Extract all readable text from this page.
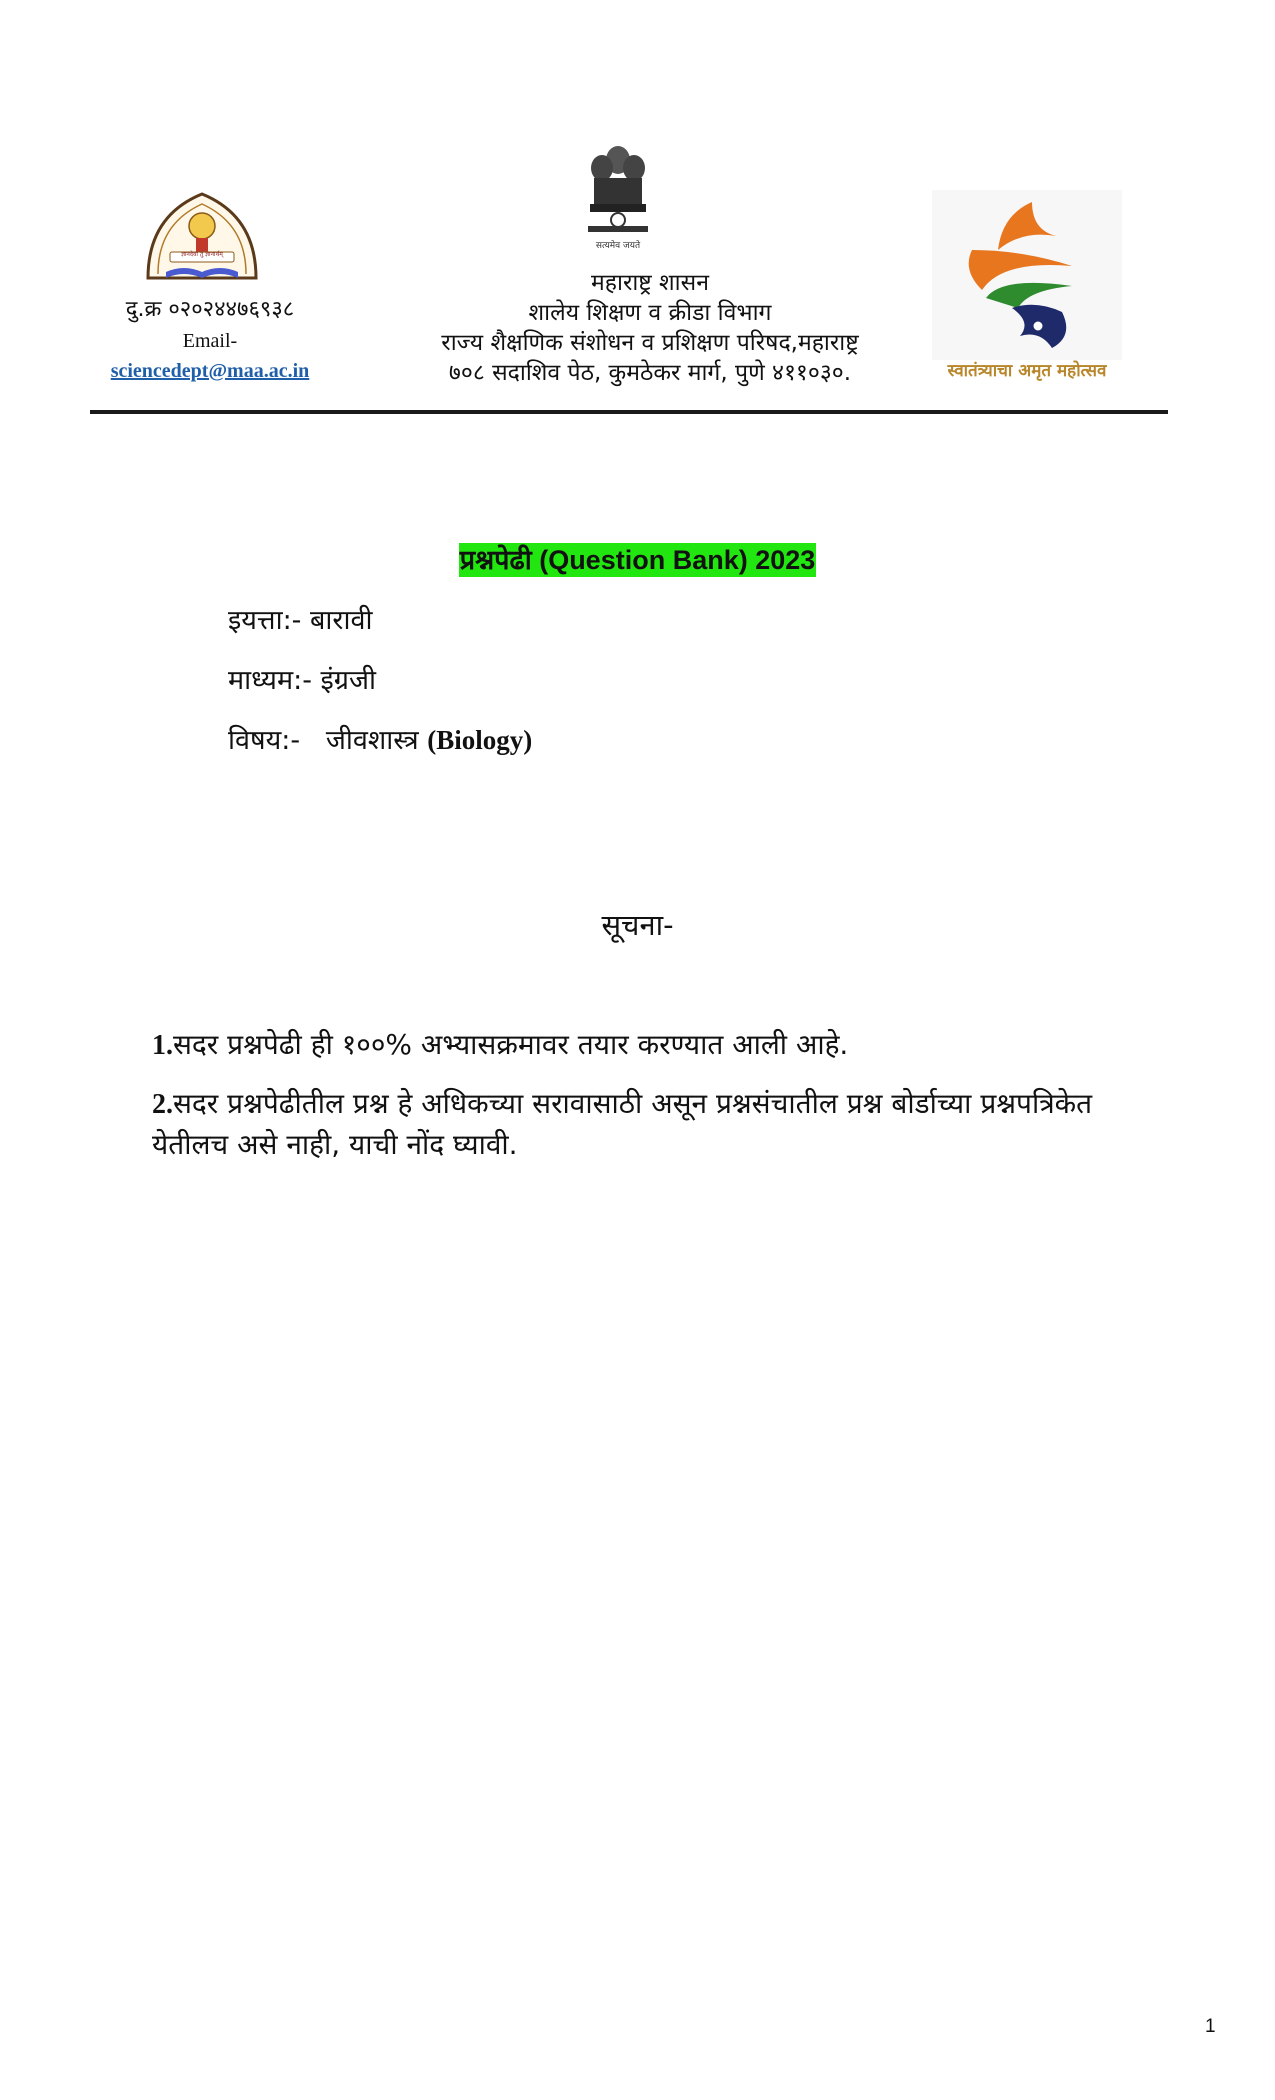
ज्ञानदेवा तु ज्ञानार्थम्
दु.क्र ०२०२४४७६९३८
Email-
sciencedept@maa.ac.in
सत्यमेव जयते
महाराष्ट्र शासन
शालेय शिक्षण व क्रीडा विभाग
राज्य शैक्षणिक संशोधन व प्रशिक्षण परिषद,महाराष्ट्र
७०८ सदाशिव पेठ, कुमठेकर मार्ग, पुणे ४११०३०.	स्वातंत्र्याचा अमृत महोत्सव
प्रश्नपेढी (Question Bank) 2023
इयत्ता:- बारावी
माध्यम:- इंग्रजी
विषय:- जीवशास्त्र (Biology)
सूचना-
1.सदर प्रश्नपेढी ही १००% अभ्यासक्रमावर तयार करण्यात आली आहे.
2.सदर प्रश्नपेढीतील प्रश्न हे अधिकच्या सरावासाठी असून प्रश्नसंचातील प्रश्न बोर्डाच्या प्रश्नपत्रिकेत येतीलच असे नाही, याची नोंद घ्यावी.
1
